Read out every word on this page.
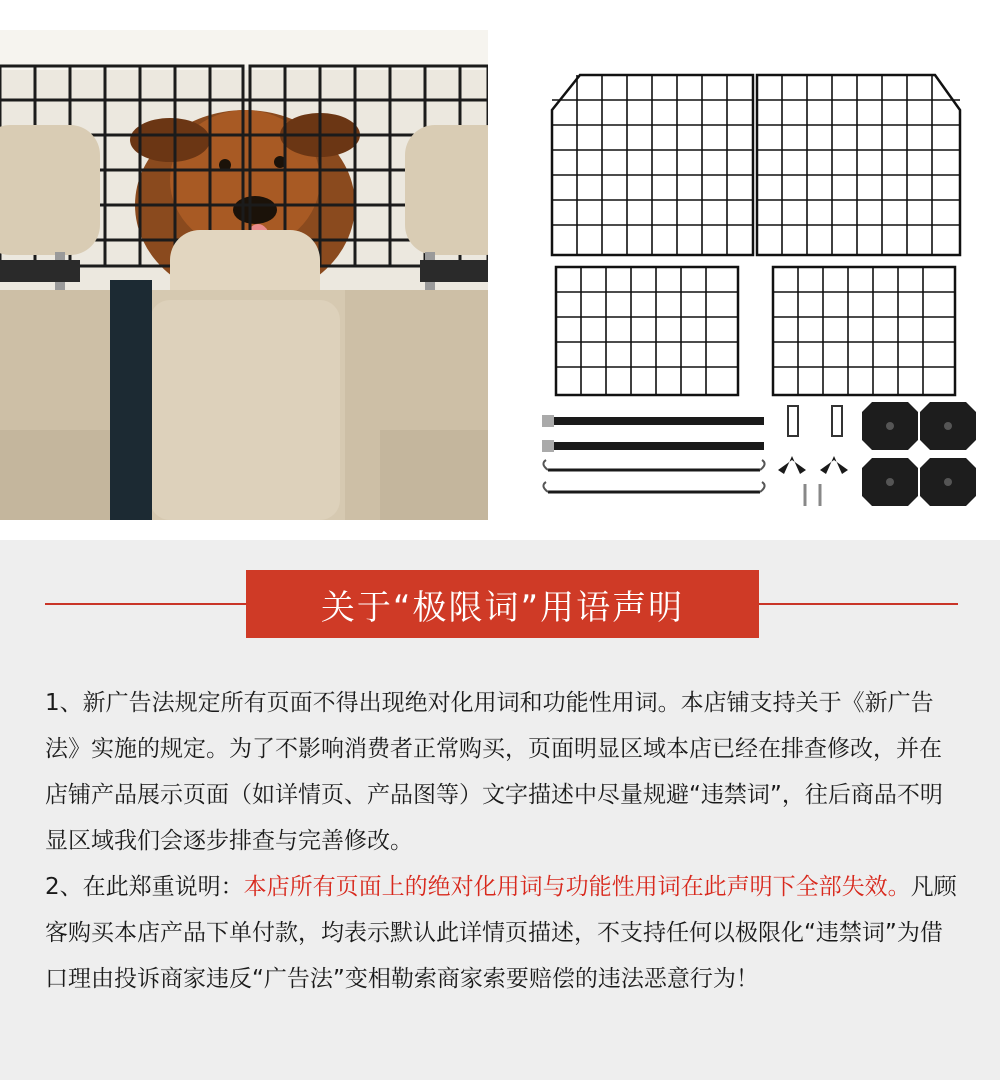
关于“极限词”用语声明

1、新广告法规定所有页面不得出现绝对化用词和功能性用词。本店铺支持关于《新广告法》实施的规定。为了不影响消费者正常购买，页面明显区域本店已经在排查修改，并在店铺产品展示页面（如详情页、产品图等）文字描述中尽量规避“违禁词”，往后商品不明显区域我们会逐步排查与完善修改。

2、在此郑重说明：本店所有页面上的绝对化用词与功能性用词在此声明下全部失效。凡顾客购买本店产品下单付款，均表示默认此详情页描述，不支持任何以极限化“违禁词”为借口理由投诉商家违反“广告法”变相勒索商家索要赔偿的违法恶意行为！
